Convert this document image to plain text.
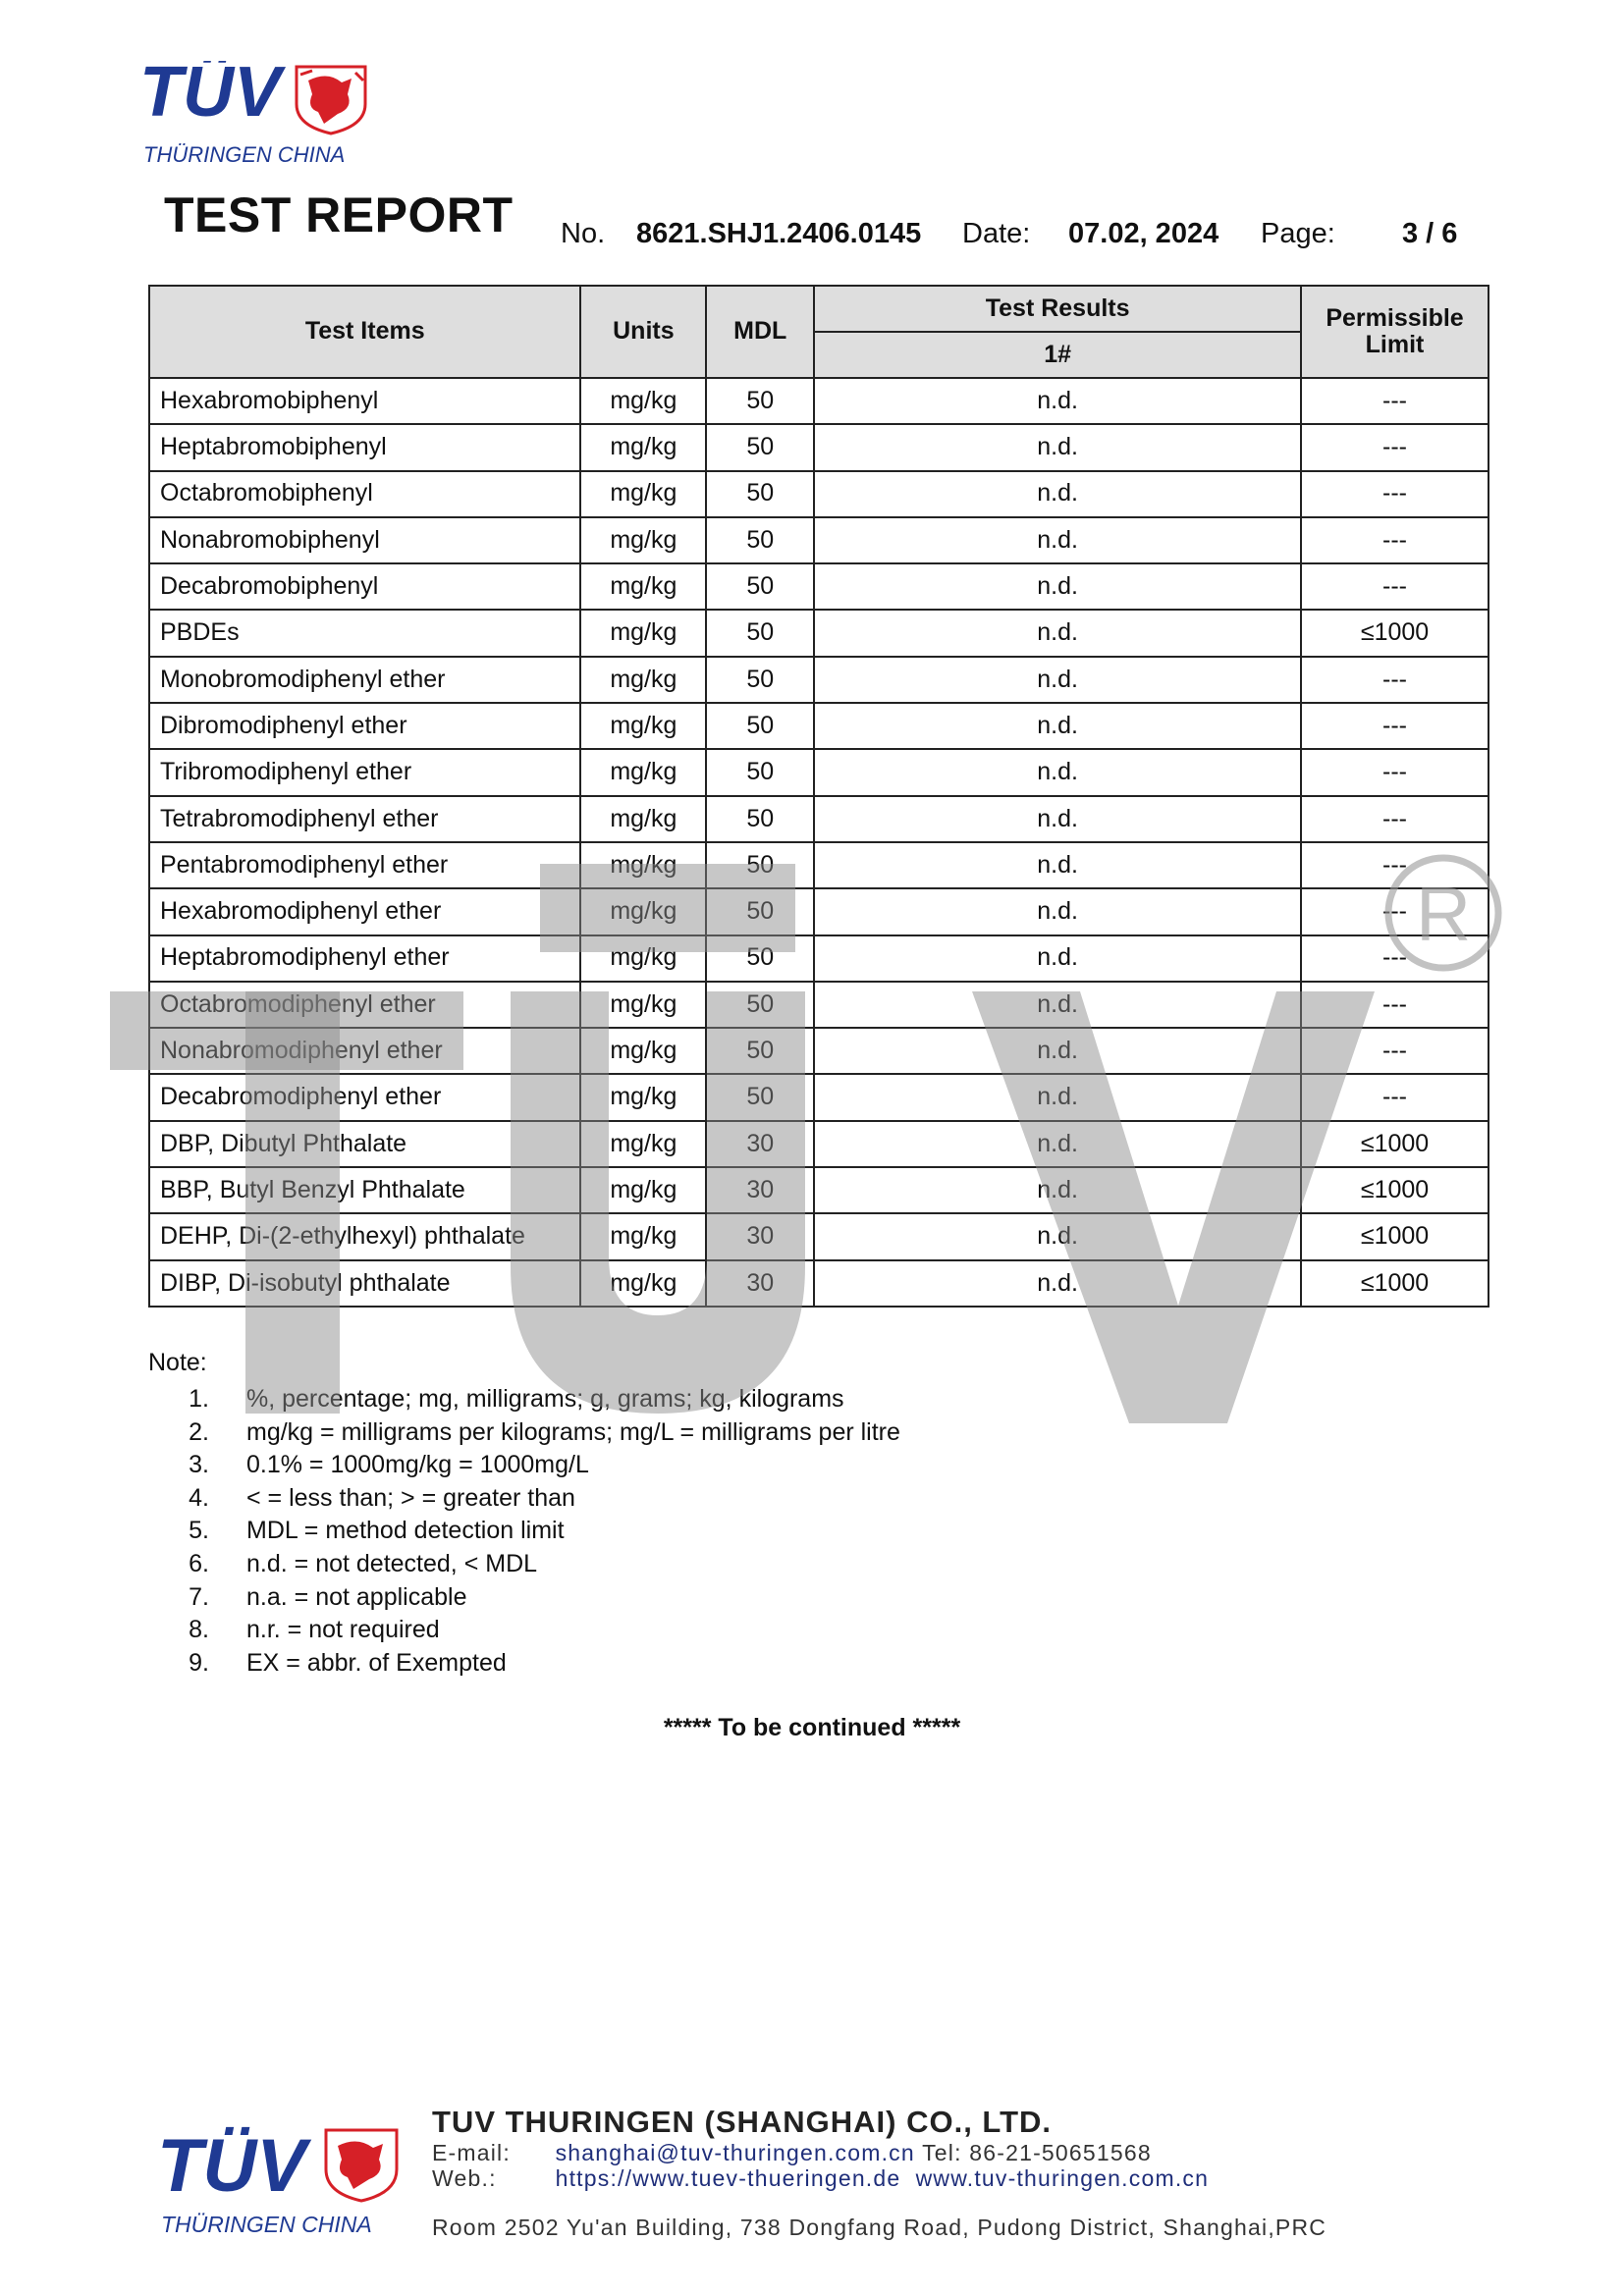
TÜV
THÜRINGEN CHINA
TEST REPORT No. 8621.SHJ1.2406.0145 Date: 07.02, 2024 Page: 3 / 6
Test Items	Units	MDL	Test Results	Permissible Limit
			1#	
Hexabromobiphenyl	mg/kg	50	n.d.	---
Heptabromobiphenyl	mg/kg	50	n.d.	---
Octabromobiphenyl	mg/kg	50	n.d.	---
Nonabromobiphenyl	mg/kg	50	n.d.	---
Decabromobiphenyl	mg/kg	50	n.d.	---
PBDEs	mg/kg	50	n.d.	≤1000
Monobromodiphenyl ether	mg/kg	50	n.d.	---
Dibromodiphenyl ether	mg/kg	50	n.d.	---
Tribromodiphenyl ether	mg/kg	50	n.d.	---
Tetrabromodiphenyl ether	mg/kg	50	n.d.	---
Pentabromodiphenyl ether	mg/kg	50	n.d.	---
Hexabromodiphenyl ether	mg/kg	50	n.d.	---
Heptabromodiphenyl ether	mg/kg	50	n.d.	---
Octabromodiphenyl ether	mg/kg	50	n.d.	---
Nonabromodiphenyl ether	mg/kg	50	n.d.	---
Decabromodiphenyl ether	mg/kg	50	n.d.	---
DBP, Dibutyl Phthalate	mg/kg	30	n.d.	≤1000
BBP, Butyl Benzyl Phthalate	mg/kg	30	n.d.	≤1000
DEHP, Di-(2-ethylhexyl) phthalate	mg/kg	30	n.d.	≤1000
DIBP, Di-isobutyl phthalate	mg/kg	30	n.d.	≤1000
Note:
1. %, percentage; mg, milligrams; g, grams; kg, kilograms
2. mg/kg = milligrams per kilograms; mg/L = milligrams per litre
3. 0.1% = 1000mg/kg = 1000mg/L
4. < = less than; > = greater than
5. MDL = method detection limit
6. n.d. = not detected, < MDL
7. n.a. = not applicable
8. n.r. = not required
9. EX = abbr. of Exempted
***** To be continued *****
R
TÜV
TÜV
THÜRINGEN CHINA
TUV THURINGEN (SHANGHAI) CO., LTD.
E-mail: shanghai@tuv-thuringen.com.cn Tel: 86-21-50651568
Web.:	https://www.tuev-thueringen.de www.tuv-thuringen.com.cn
Room 2502 Yu'an Building, 738 Dongfang Road, Pudong District, Shanghai,PRC
